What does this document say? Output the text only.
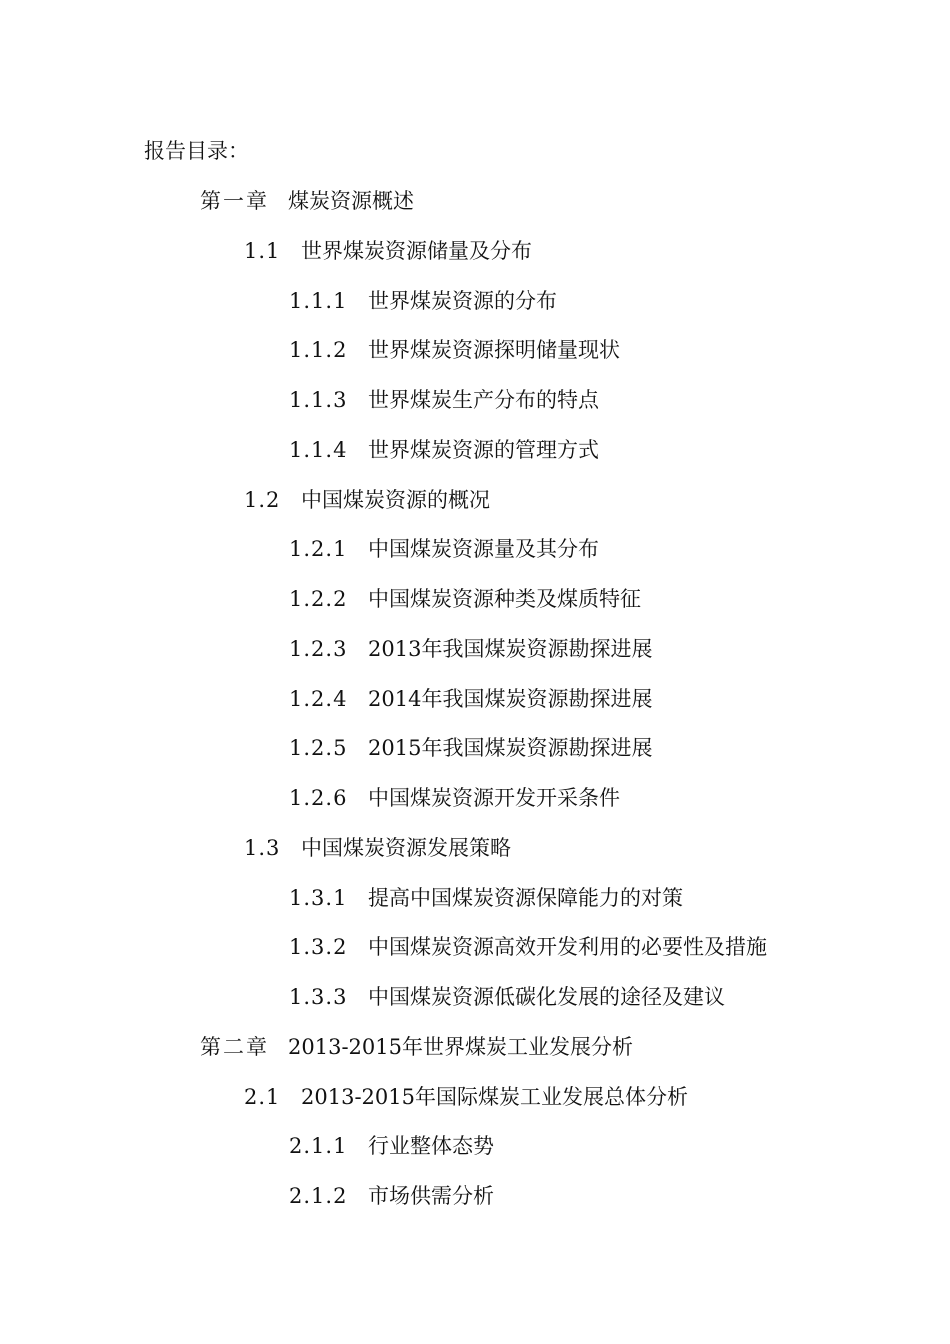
报告目录：
第一章 煤炭资源概述
1.1 世界煤炭资源储量及分布
1.1.1 世界煤炭资源的分布
1.1.2 世界煤炭资源探明储量现状
1.1.3 世界煤炭生产分布的特点
1.1.4 世界煤炭资源的管理方式
1.2 中国煤炭资源的概况
1.2.1 中国煤炭资源量及其分布
1.2.2 中国煤炭资源种类及煤质特征
1.2.3 2013年我国煤炭资源勘探进展
1.2.4 2014年我国煤炭资源勘探进展
1.2.5 2015年我国煤炭资源勘探进展
1.2.6 中国煤炭资源开发开采条件
1.3 中国煤炭资源发展策略
1.3.1 提高中国煤炭资源保障能力的对策
1.3.2 中国煤炭资源高效开发利用的必要性及措施
1.3.3 中国煤炭资源低碳化发展的途径及建议
第二章 2013-2015年世界煤炭工业发展分析
2.1 2013-2015年国际煤炭工业发展总体分析
2.1.1 行业整体态势
2.1.2 市场供需分析
